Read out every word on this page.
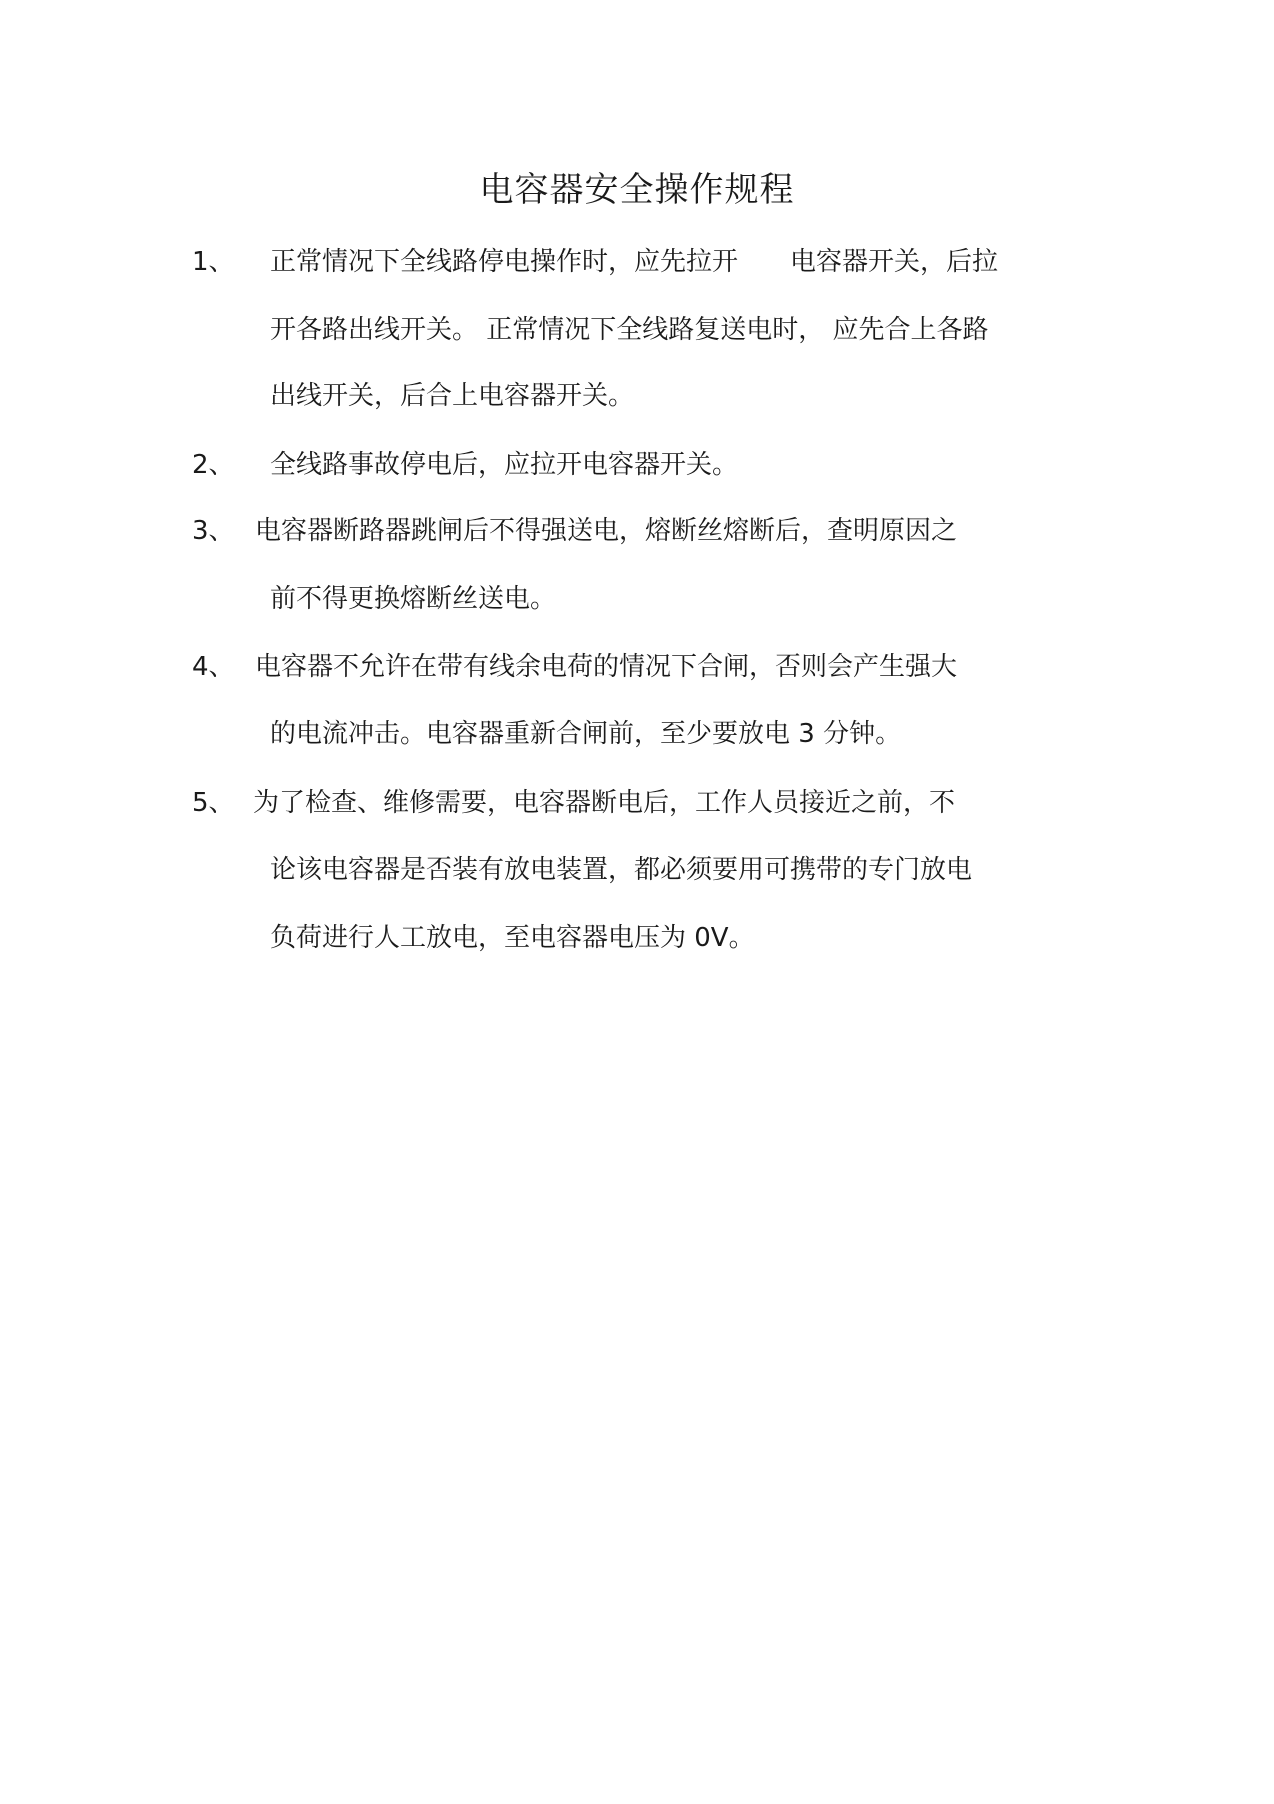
电容器安全操作规程
1、 正常情况下全线路停电操作时，应先拉开　　电容器开关，后拉
开各路出线开关。 正常情况下全线路复送电时， 应先合上各路
出线开关，后合上电容器开关。
2、 全线路事故停电后，应拉开电容器开关。
3、 电容器断路器跳闸后不得强送电，熔断丝熔断后，查明原因之
前不得更换熔断丝送电。
4、 电容器不允许在带有线余电荷的情况下合闸，否则会产生强大
的电流冲击。电容器重新合闸前，至少要放电 3 分钟。
5、 为了检查、维修需要，电容器断电后，工作人员接近之前，不
论该电容器是否装有放电装置，都必须要用可携带的专门放电
负荷进行人工放电，至电容器电压为 0V。
